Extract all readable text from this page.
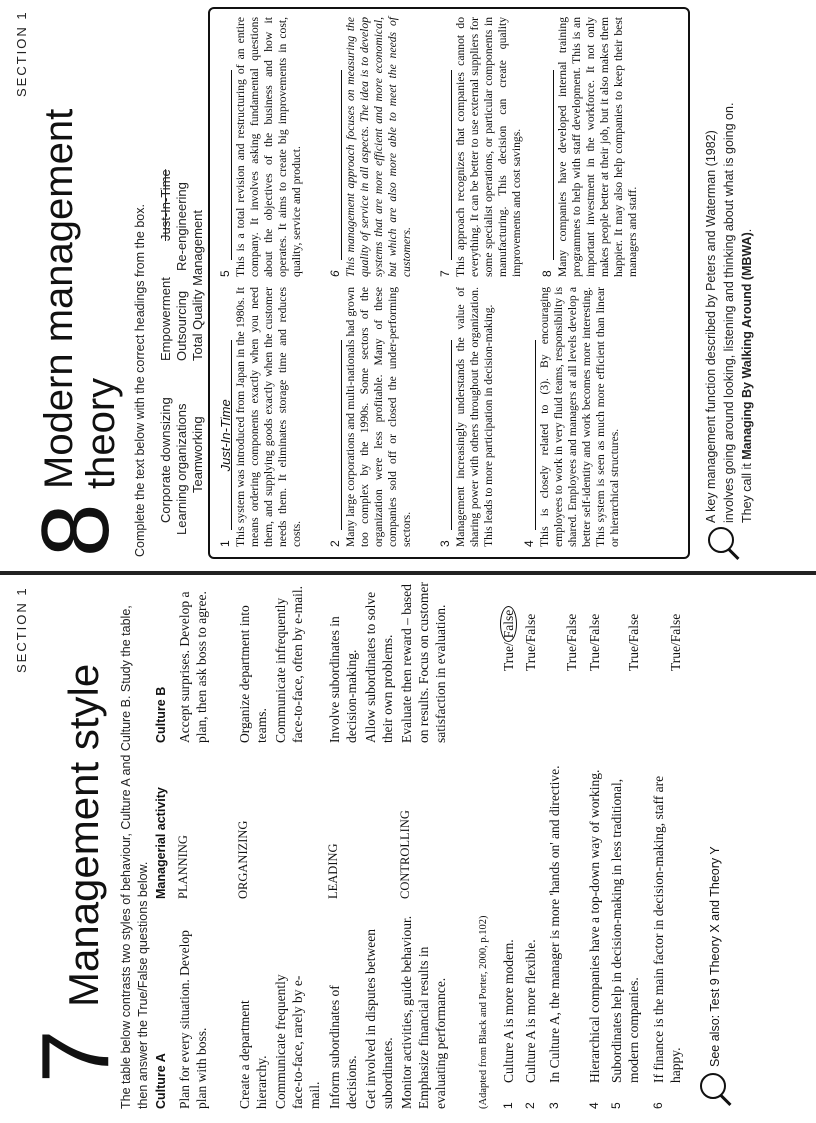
SECTION 1
7
Management style The table below contrasts two styles of behaviour, Culture A and Culture B. Study the table, then answer the True/False questions below. Culture A
Managerial activity
Culture B
Plan for every situation. Develop plan with boss.
PLANNING
Accept surprises. Develop a plan, then ask boss to agree.
Create a department hierarchy.
ORGANIZING
Organize department into teams.
Communicate frequently face-to-face, rarely by e-mail.
Communicate infrequently face-to-face, often by e-mail.
Inform subordinates of decisions.
LEADING
Involve subordinates in decision-making.
Get involved in disputes between subordinates.
Allow subordinates to solve their own problems.
Monitor activities, guide behaviour. Emphasize financial results in evaluating performance.
CONTROLLING
Evaluate then reward – based on results. Focus on customer satisfaction in evaluation.
(Adapted from Black and Porter, 2000, p.102) 1
Culture A is more modern.
True/False
2
Culture A is more flexible.
True/False
3
In Culture A, the manager is more 'hands on' and directive.
True/False
4
Hierarchical companies have a top-down way of working.
True/False
5
Subordinates help in decision-making in less traditional, modern companies.
True/False
6
If finance is the main factor in decision-making, staff are happy.
True/False
See also: Test 9 Theory X and Theory Y
SECTION 1
8
Modern management
theory Complete the text below with the correct headings from the box. Corporate downsizing
Empowerment
Just-In-Time
Learning organizations
Outsourcing
Re-engineering
Teamworking
Total Quality Management
1Just-In-Time This system was introduced from Japan in the 1980s. It means ordering components exactly when you need them, and supplying goods exactly when the customer needs them. It eliminates storage time and reduces costs. 2 Many large corporations and multi-nationals had grown too complex by the 1990s. Some sectors of the organization were less profitable. Many of these companies sold off or closed the under-performing sectors. 3 Management increasingly understands the value of sharing power with others throughout the organization. This leads to more participation in decision-making. 4 This is closely related to (3). By encouraging employees to work in very fluid teams, responsibility is shared. Employees and managers at all levels develop a better self-identity and work becomes more interesting. This system is seen as much more efficient than linear or hierarchical structures.
5 This is a total revision and restructuring of an entire company. It involves asking fundamental questions about the objectives of the business and how it operates. It aims to create big improvements in cost, quality, service and product. 6 This management approach focuses on measuring the quality of service in all aspects. The idea is to develop systems that are more efficient and more economical, but which are also more able to meet the needs of customers. 7 This approach recognizes that companies cannot do everything. It can be better to use external suppliers for some specialist operations, or particular components in manufacturing. This decision can create quality improvements and cost savings. 8 Many companies have developed internal training programmes to help with staff development. This is an important investment in the workforce. It not only makes people better at their job, but it also makes them happier. It may also help companies to keep their best managers and staff.	A key management function described by Peters and Waterman (1982) involves going around looking, listening and thinking about what is going on. They call it Managing By Walking Around (MBWA).
